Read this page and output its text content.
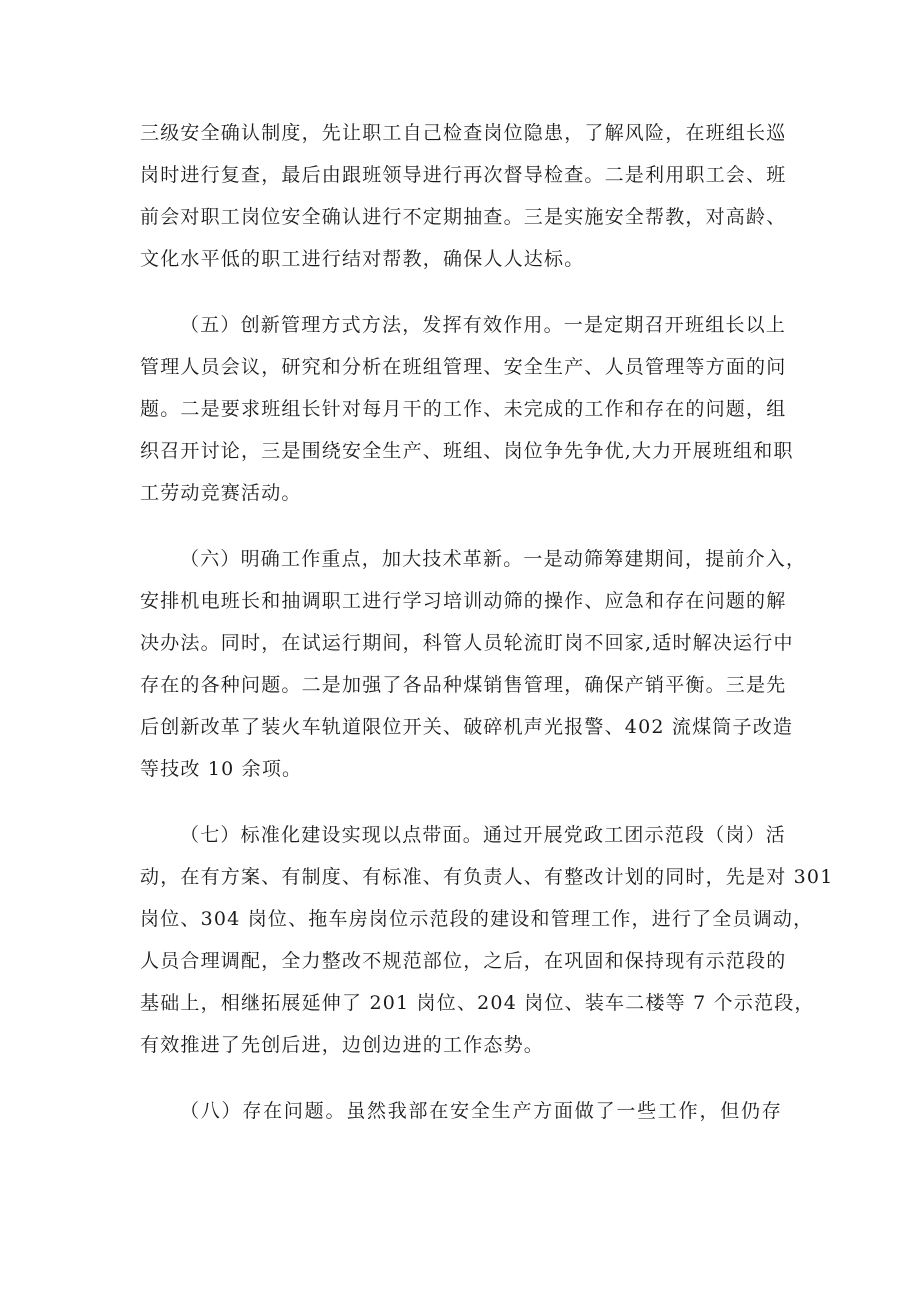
三级安全确认制度，先让职工自己检查岗位隐患，了解风险，在班组长巡
岗时进行复查，最后由跟班领导进行再次督导检查。二是利用职工会、班
前会对职工岗位安全确认进行不定期抽查。三是实施安全帮教，对高龄、
文化水平低的职工进行结对帮教，确保人人达标。

（五）创新管理方式方法，发挥有效作用。一是定期召开班组长以上
管理人员会议，研究和分析在班组管理、安全生产、人员管理等方面的问
题。二是要求班组长针对每月干的工作、未完成的工作和存在的问题，组
织召开讨论，三是围绕安全生产、班组、岗位争先争优,大力开展班组和职
工劳动竞赛活动。

（六）明确工作重点，加大技术革新。一是动筛筹建期间，提前介入，
安排机电班长和抽调职工进行学习培训动筛的操作、应急和存在问题的解
决办法。同时，在试运行期间，科管人员轮流盯岗不回家,适时解决运行中
存在的各种问题。二是加强了各品种煤销售管理，确保产销平衡。三是先
后创新改革了装火车轨道限位开关、破碎机声光报警、402 流煤筒子改造
等技改 10 余项。

（七）标准化建设实现以点带面。通过开展党政工团示范段（岗）活
动，在有方案、有制度、有标准、有负责人、有整改计划的同时，先是对 301
岗位、304 岗位、拖车房岗位示范段的建设和管理工作，进行了全员调动，
人员合理调配，全力整改不规范部位，之后，在巩固和保持现有示范段的
基础上，相继拓展延伸了 201 岗位、204 岗位、装车二楼等 7 个示范段，
有效推进了先创后进，边创边进的工作态势。

（八）存在问题。虽然我部在安全生产方面做了一些工作，但仍存
